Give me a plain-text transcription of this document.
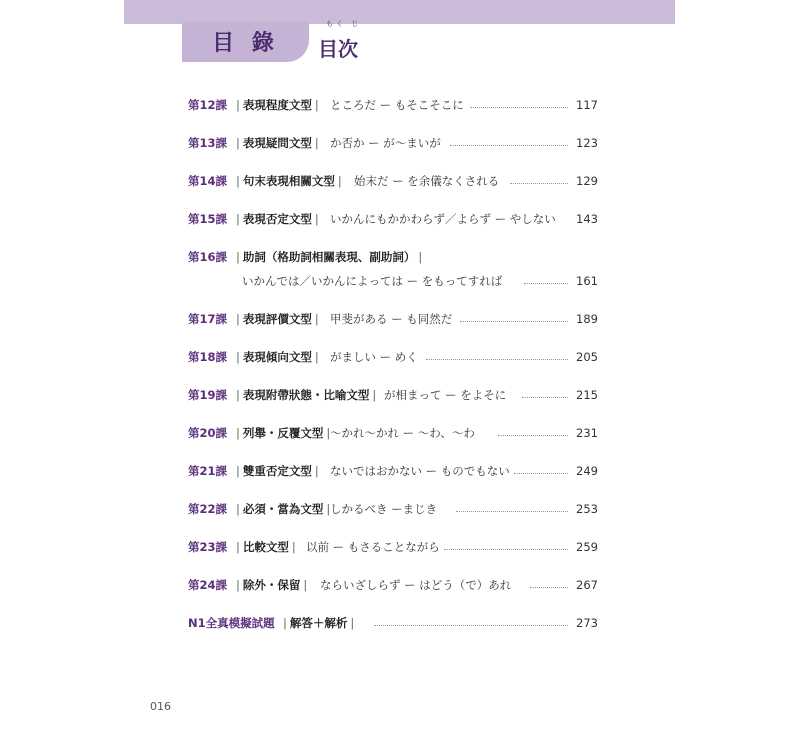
目 錄
もく じ
目次
第12課 | 表現程度文型 | ところだ ー もそこそこに	117
第13課 | 表現疑問文型 | か否か ー が〜まいが	123
第14課 | 句末表現相關文型 | 始末だ ー を余儀なくされる	129
第15課 | 表現否定文型 | いかんにもかかわらず／よらず ー やしない 143
第16課 | 助詞（格助詞相關表現、副助詞） |
いかんでは／いかんによっては ー をもってすれば	161
第17課 | 表現評價文型 | 甲斐がある ー も同然だ	189
第18課 | 表現傾向文型 | がましい ー めく	205
第19課 | 表現附帶狀態・比喻文型 | が相まって ー をよそに	215
第20課 | 列舉・反覆文型 | 〜かれ〜かれ ー 〜わ、〜わ	231
第21課 | 雙重否定文型 | ないではおかない ー ものでもない	249
第22課 | 必須・當為文型 | しかるべき ーまじき	253
第23課 | 比較文型 | 以前 ー もさることながら	259
第24課 | 除外・保留 | ならいざしらず ー はどう（で）あれ	267
N1全真模擬試題 | 解答＋解析 |	273
016
